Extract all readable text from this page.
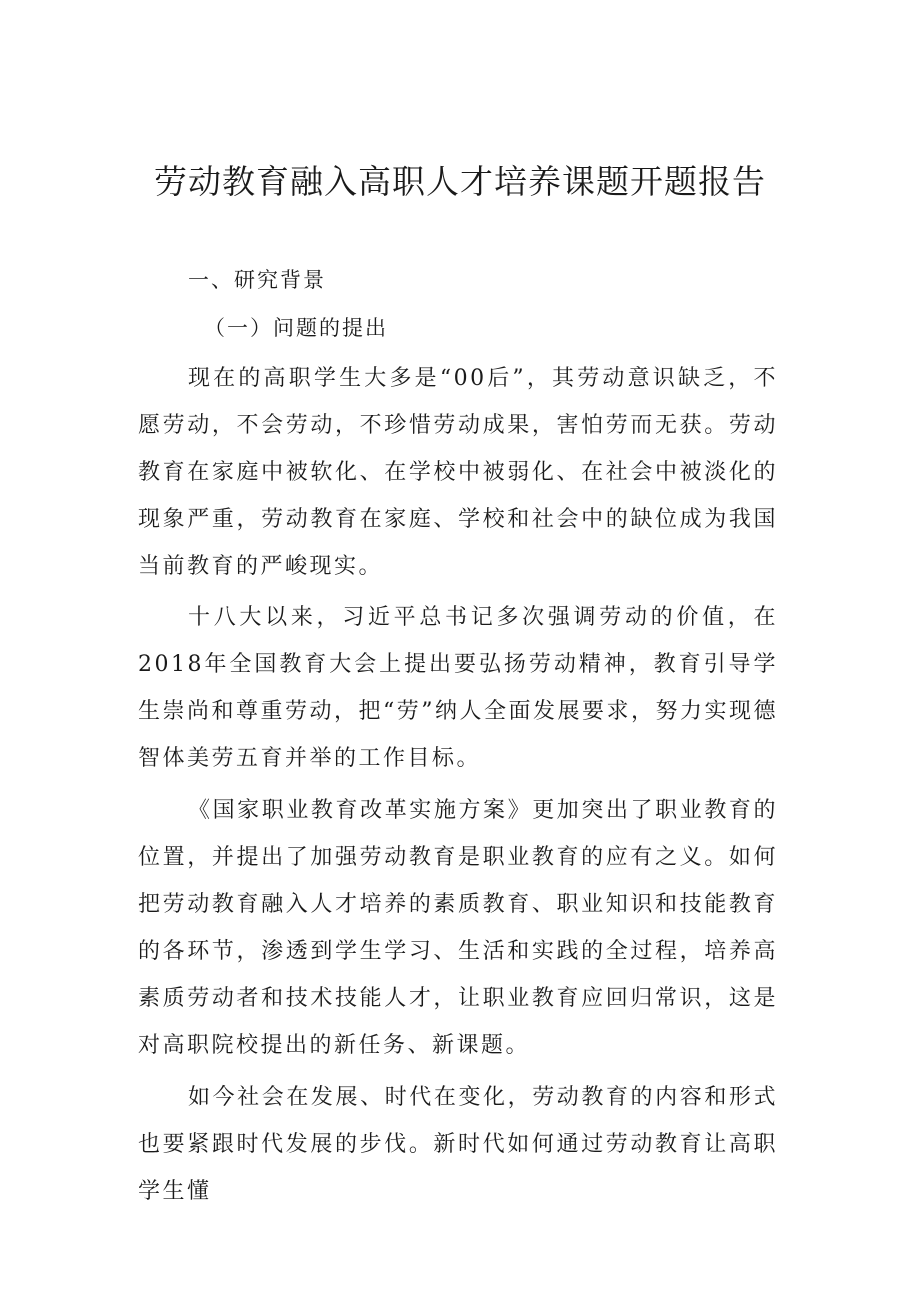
劳动教育融入高职人才培养课题开题报告
一、研究背景
（一）问题的提出

现在的高职学生大多是“00后”，其劳动意识缺乏，不愿劳动，不会劳动，不珍惜劳动成果，害怕劳而无获。劳动教育在家庭中被软化、在学校中被弱化、在社会中被淡化的现象严重，劳动教育在家庭、学校和社会中的缺位成为我国当前教育的严峻现实。

十八大以来，习近平总书记多次强调劳动的价值，在2018年全国教育大会上提出要弘扬劳动精神，教育引导学生崇尚和尊重劳动，把“劳”纳人全面发展要求，努力实现德智体美劳五育并举的工作目标。

《国家职业教育改革实施方案》更加突出了职业教育的位置，并提出了加强劳动教育是职业教育的应有之义。如何把劳动教育融入人才培养的素质教育、职业知识和技能教育的各环节，渗透到学生学习、生活和实践的全过程，培养高素质劳动者和技术技能人才，让职业教育应回归常识，这是对高职院校提出的新任务、新课题。

如今社会在发展、时代在变化，劳动教育的内容和形式也要紧跟时代发展的步伐。新时代如何通过劳动教育让高职学生懂
